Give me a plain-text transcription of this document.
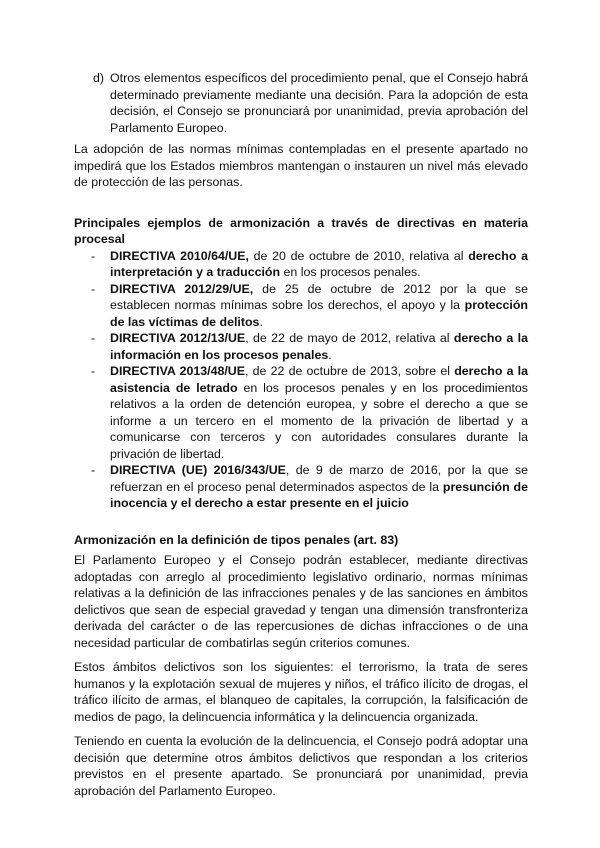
d) Otros elementos específicos del procedimiento penal, que el Consejo habrá determinado previamente mediante una decisión. Para la adopción de esta decisión, el Consejo se pronunciará por unanimidad, previa aprobación del Parlamento Europeo.

La adopción de las normas mínimas contempladas en el presente apartado no impedirá que los Estados miembros mantengan o instauren un nivel más elevado de protección de las personas.

Principales ejemplos de armonización a través de directivas en materia procesal
- DIRECTIVA 2010/64/UE, de 20 de octubre de 2010, relativa al derecho a interpretación y a traducción en los procesos penales.
- DIRECTIVA 2012/29/UE, de 25 de octubre de 2012 por la que se establecen normas mínimas sobre los derechos, el apoyo y la protección de las víctimas de delitos.
- DIRECTIVA 2012/13/UE, de 22 de mayo de 2012, relativa al derecho a la información en los procesos penales.
- DIRECTIVA 2013/48/UE, de 22 de octubre de 2013, sobre el derecho a la asistencia de letrado en los procesos penales y en los procedimientos relativos a la orden de detención europea, y sobre el derecho a que se informe a un tercero en el momento de la privación de libertad y a comunicarse con terceros y con autoridades consulares durante la privación de libertad.
- DIRECTIVA (UE) 2016/343/UE, de 9 de marzo de 2016, por la que se refuerzan en el proceso penal determinados aspectos de la presunción de inocencia y el derecho a estar presente en el juicio
Armonización en la definición de tipos penales (art. 83)

El Parlamento Europeo y el Consejo podrán establecer, mediante directivas adoptadas con arreglo al procedimiento legislativo ordinario, normas mínimas relativas a la definición de las infracciones penales y de las sanciones en ámbitos delictivos que sean de especial gravedad y tengan una dimensión transfronteriza derivada del carácter o de las repercusiones de dichas infracciones o de una necesidad particular de combatirlas según criterios comunes.

Estos ámbitos delictivos son los siguientes: el terrorismo, la trata de seres humanos y la explotación sexual de mujeres y niños, el tráfico ilícito de drogas, el tráfico ilícito de armas, el blanqueo de capitales, la corrupción, la falsificación de medios de pago, la delincuencia informática y la delincuencia organizada.

Teniendo en cuenta la evolución de la delincuencia, el Consejo podrá adoptar una decisión que determine otros ámbitos delictivos que respondan a los criterios previstos en el presente apartado. Se pronunciará por unanimidad, previa aprobación del Parlamento Europeo.
